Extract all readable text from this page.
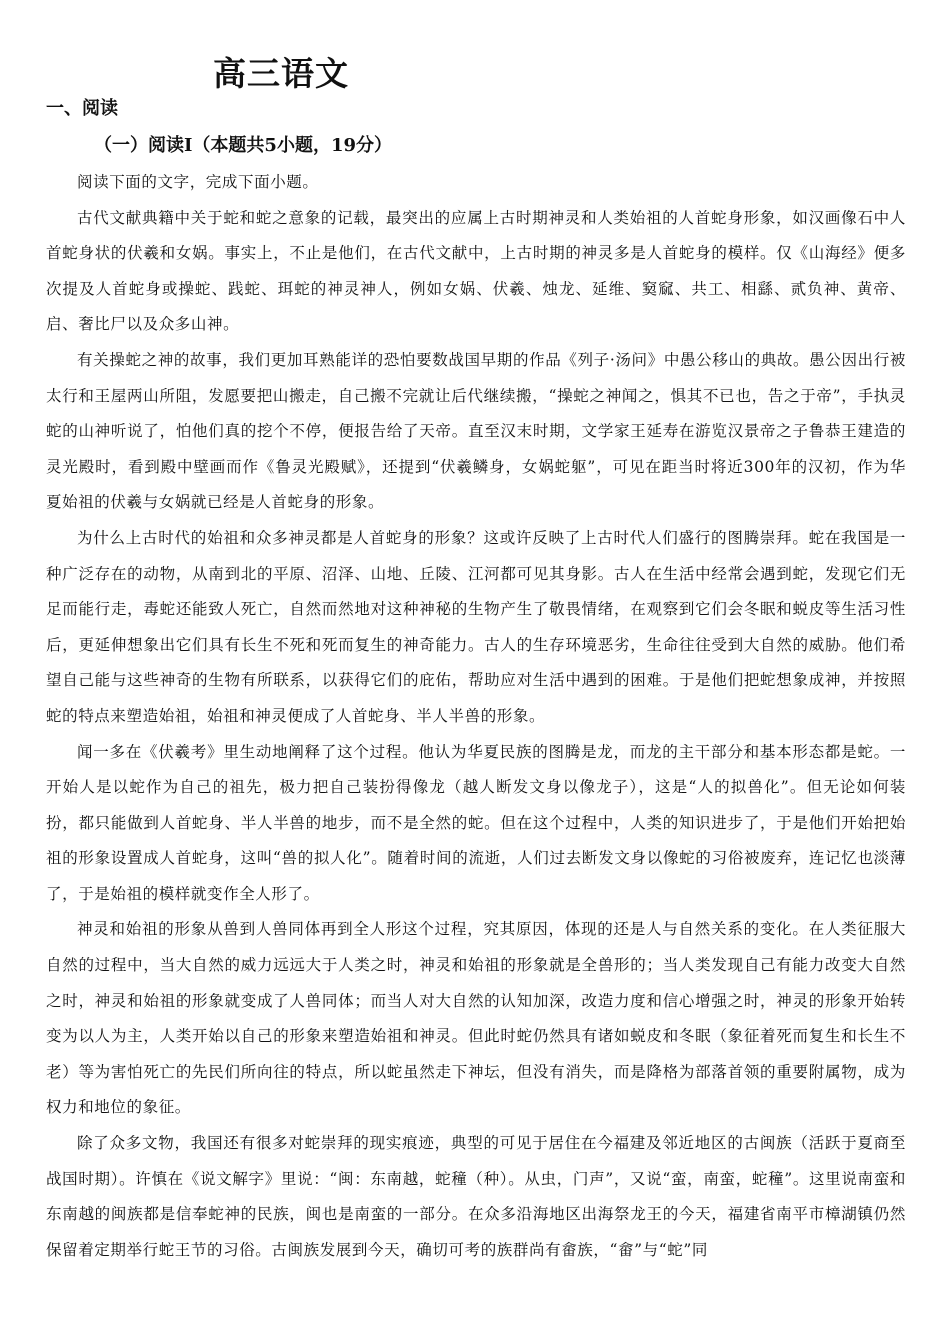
高三语文
一、阅读
（一）阅读Ⅰ（本题共5小题，19分）

阅读下面的文字，完成下面小题。

古代文献典籍中关于蛇和蛇之意象的记载，最突出的应属上古时期神灵和人类始祖的人首蛇身形象，如汉画像石中人首蛇身状的伏羲和女娲。事实上，不止是他们，在古代文献中，上古时期的神灵多是人首蛇身的模样。仅《山海经》便多次提及人首蛇身或操蛇、践蛇、珥蛇的神灵神人，例如女娲、伏羲、烛龙、延维、窫窳、共工、相繇、贰负神、黄帝、启、奢比尸以及众多山神。

有关操蛇之神的故事，我们更加耳熟能详的恐怕要数战国早期的作品《列子·汤问》中愚公移山的典故。愚公因出行被太行和王屋两山所阻，发愿要把山搬走，自己搬不完就让后代继续搬，“操蛇之神闻之，惧其不已也，告之于帝”，手执灵蛇的山神听说了，怕他们真的挖个不停，便报告给了天帝。直至汉末时期，文学家王延寿在游览汉景帝之子鲁恭王建造的灵光殿时，看到殿中壁画而作《鲁灵光殿赋》，还提到“伏羲鳞身，女娲蛇躯”，可见在距当时将近300年的汉初，作为华夏始祖的伏羲与女娲就已经是人首蛇身的形象。

为什么上古时代的始祖和众多神灵都是人首蛇身的形象？这或许反映了上古时代人们盛行的图腾崇拜。蛇在我国是一种广泛存在的动物，从南到北的平原、沼泽、山地、丘陵、江河都可见其身影。古人在生活中经常会遇到蛇，发现它们无足而能行走，毒蛇还能致人死亡，自然而然地对这种神秘的生物产生了敬畏情绪，在观察到它们会冬眠和蜕皮等生活习性后，更延伸想象出它们具有长生不死和死而复生的神奇能力。古人的生存环境恶劣，生命往往受到大自然的威胁。他们希望自己能与这些神奇的生物有所联系，以获得它们的庇佑，帮助应对生活中遇到的困难。于是他们把蛇想象成神，并按照蛇的特点来塑造始祖，始祖和神灵便成了人首蛇身、半人半兽的形象。

闻一多在《伏羲考》里生动地阐释了这个过程。他认为华夏民族的图腾是龙，而龙的主干部分和基本形态都是蛇。一开始人是以蛇作为自己的祖先，极力把自己装扮得像龙（越人断发文身以像龙子），这是“人的拟兽化”。但无论如何装扮，都只能做到人首蛇身、半人半兽的地步，而不是全然的蛇。但在这个过程中，人类的知识进步了，于是他们开始把始祖的形象设置成人首蛇身，这叫“兽的拟人化”。随着时间的流逝，人们过去断发文身以像蛇的习俗被废弃，连记忆也淡薄了，于是始祖的模样就变作全人形了。

神灵和始祖的形象从兽到人兽同体再到全人形这个过程，究其原因，体现的还是人与自然关系的变化。在人类征服大自然的过程中，当大自然的威力远远大于人类之时，神灵和始祖的形象就是全兽形的；当人类发现自己有能力改变大自然之时，神灵和始祖的形象就变成了人兽同体；而当人对大自然的认知加深，改造力度和信心增强之时，神灵的形象开始转变为以人为主，人类开始以自己的形象来塑造始祖和神灵。但此时蛇仍然具有诸如蜕皮和冬眠（象征着死而复生和长生不老）等为害怕死亡的先民们所向往的特点，所以蛇虽然走下神坛，但没有消失，而是降格为部落首领的重要附属物，成为权力和地位的象征。

除了众多文物，我国还有很多对蛇崇拜的现实痕迹，典型的可见于居住在今福建及邻近地区的古闽族（活跃于夏商至战国时期）。许慎在《说文解字》里说：“闽：东南越，蛇穜（种）。从虫，门声”，又说“蛮，南蛮，蛇穜”。这里说南蛮和东南越的闽族都是信奉蛇神的民族，闽也是南蛮的一部分。在众多沿海地区出海祭龙王的今天，福建省南平市樟湖镇仍然保留着定期举行蛇王节的习俗。古闽族发展到今天，确切可考的族群尚有畲族，“畲”与“蛇”同
